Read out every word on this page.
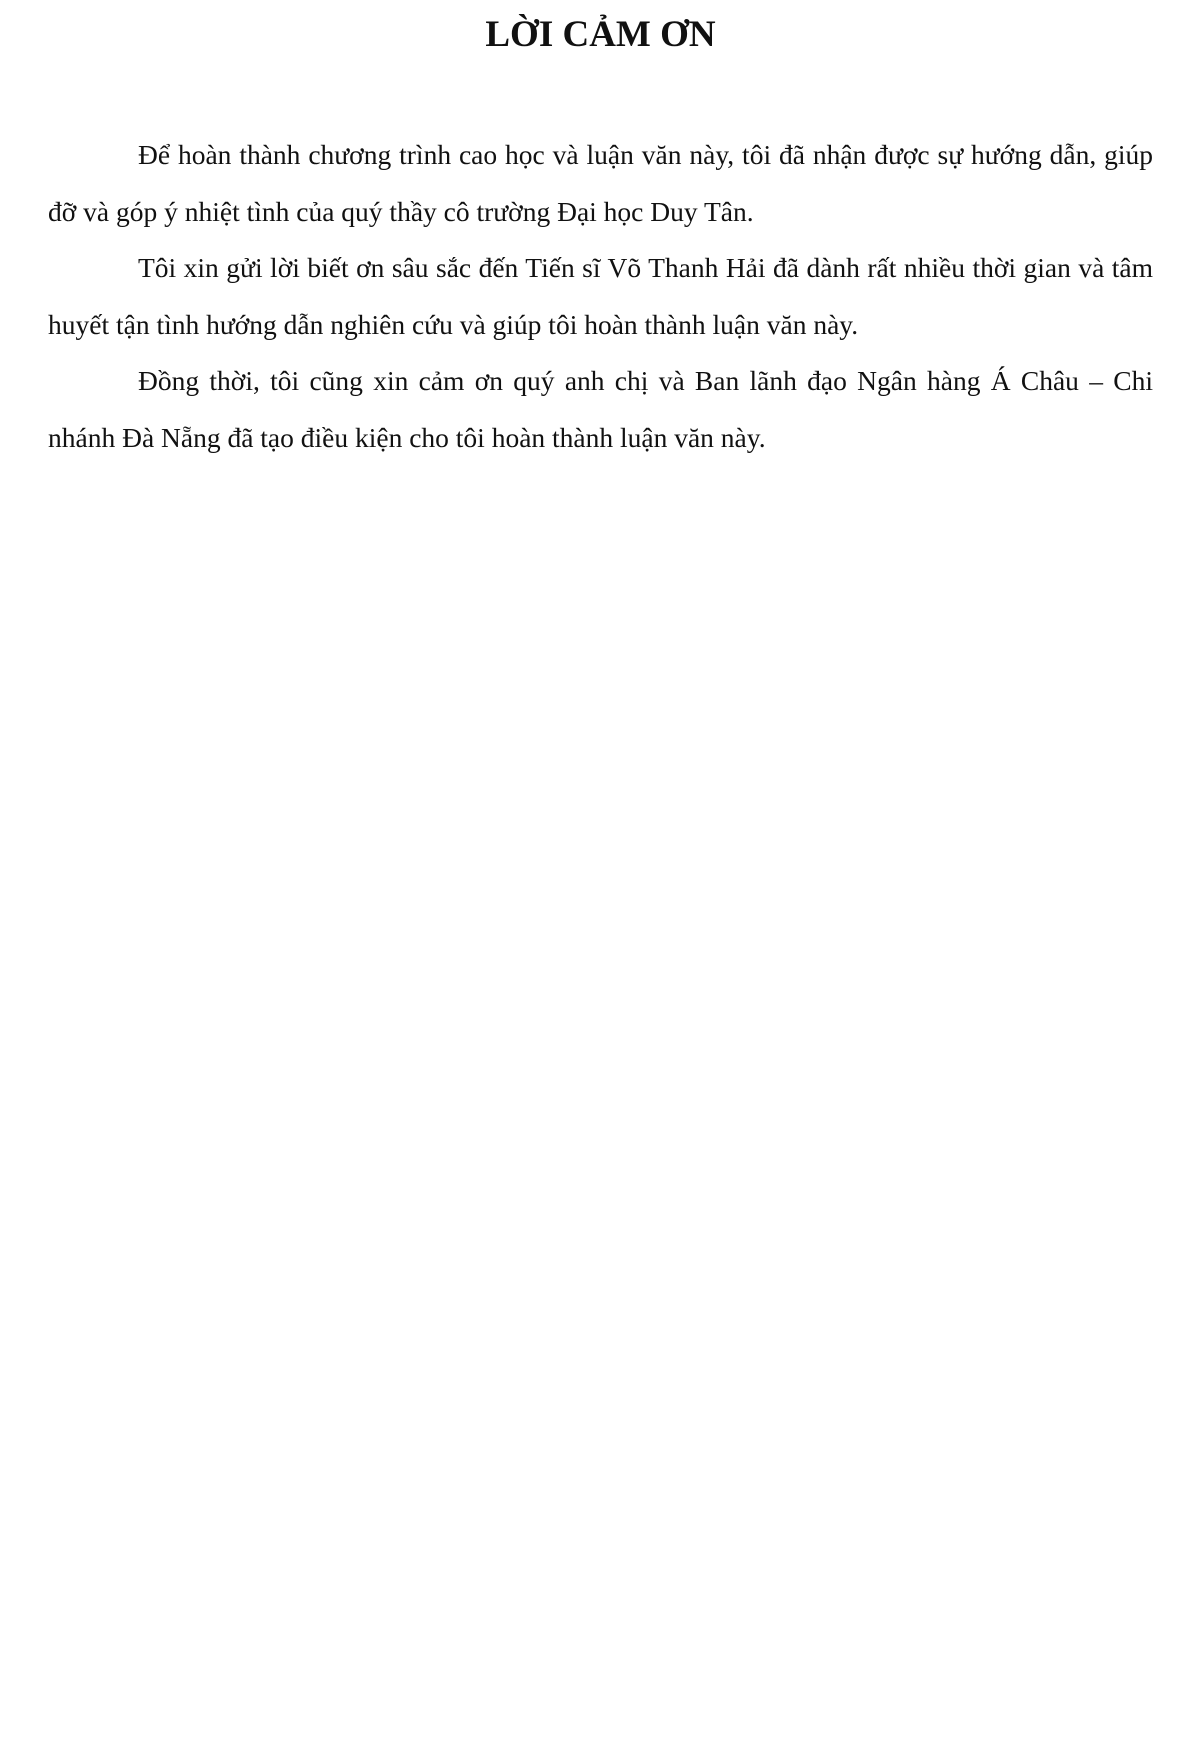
LỜI CẢM ƠN

Để hoàn thành chương trình cao học và luận văn này, tôi đã nhận được sự hướng dẫn, giúp đỡ và góp ý nhiệt tình của quý thầy cô trường Đại học Duy Tân.

Tôi xin gửi lời biết ơn sâu sắc đến Tiến sĩ Võ Thanh Hải đã dành rất nhiều thời gian và tâm huyết tận tình hướng dẫn nghiên cứu và giúp tôi hoàn thành luận văn này.

Đồng thời, tôi cũng xin cảm ơn quý anh chị và Ban lãnh đạo Ngân hàng Á Châu – Chi nhánh Đà Nẵng đã tạo điều kiện cho tôi hoàn thành luận văn này.
